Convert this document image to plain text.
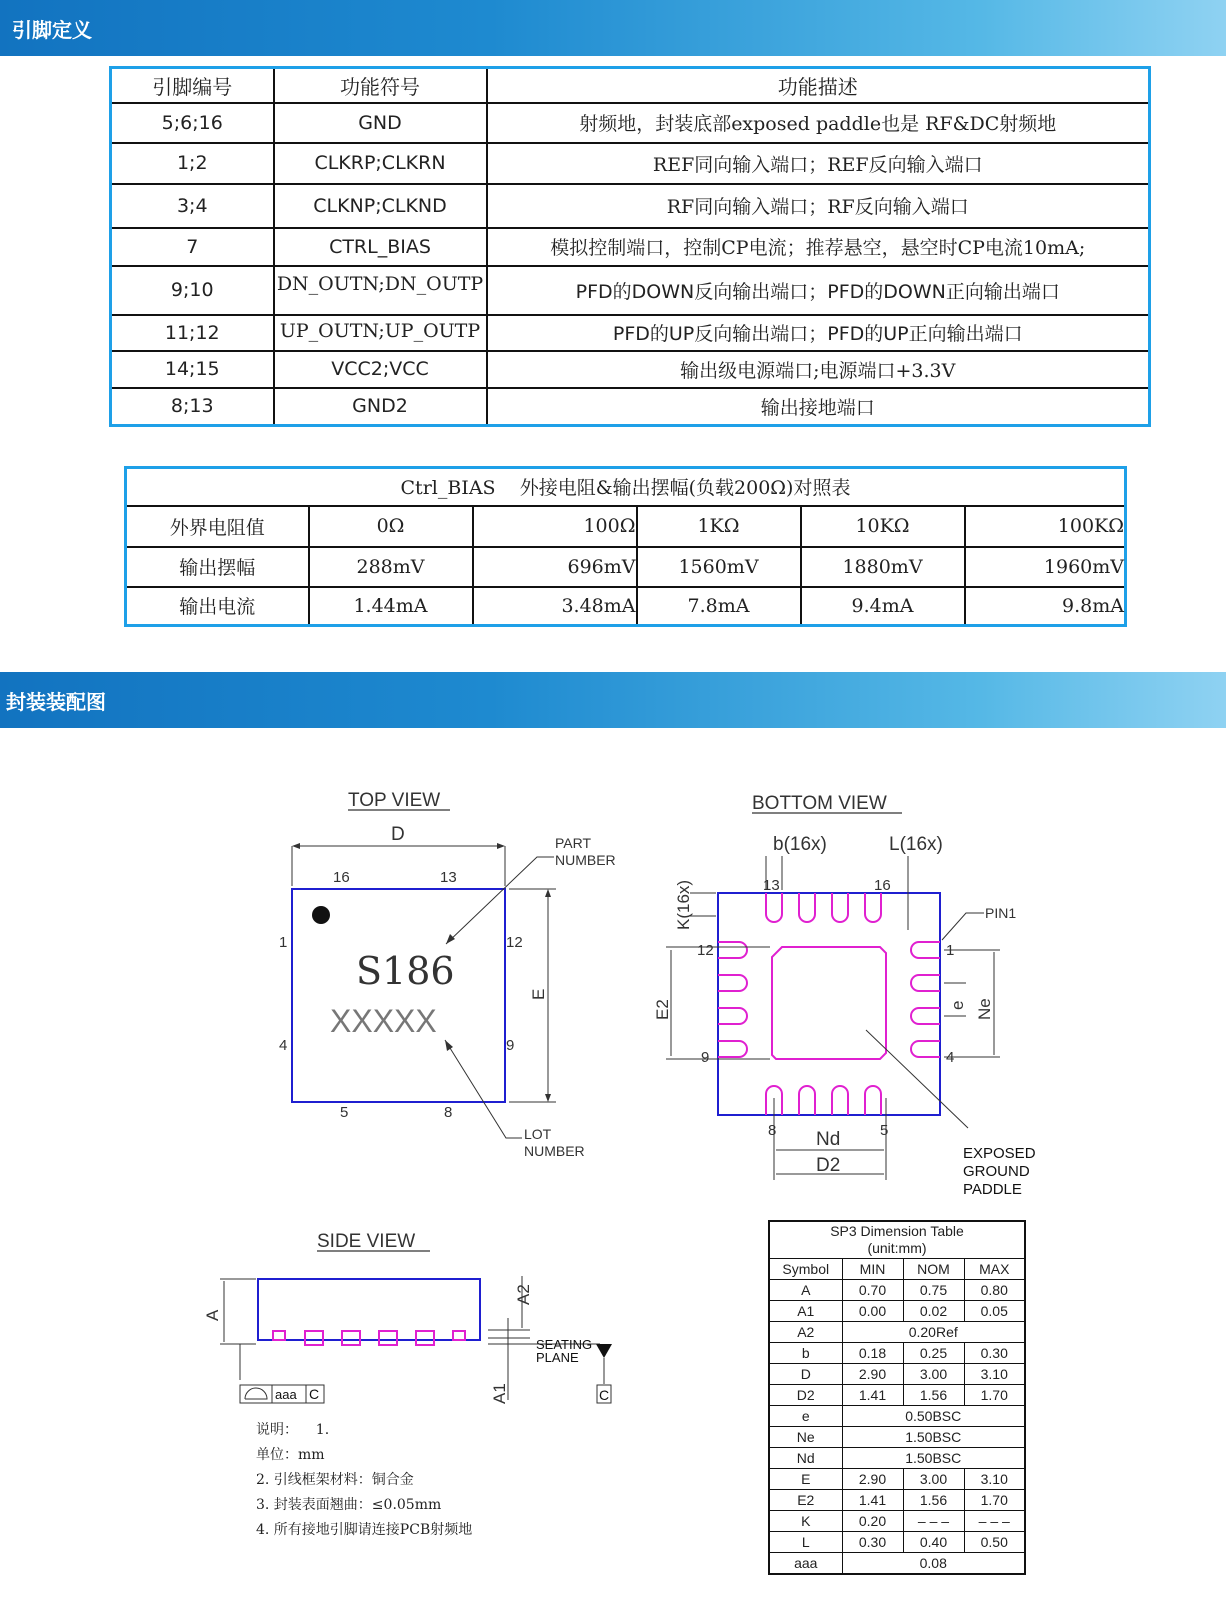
引脚定义
引脚编号	功能符号	功能描述
5;6;16	GND	射频地，封装底部exposed paddle也是 RF&DC射频地
1;2	CLKRP;CLKRN	REF同向输入端口；REF反向输入端口
3;4	CLKNP;CLKND	RF同向输入端口；RF反向输入端口
7	CTRL_BIAS	模拟控制端口，控制CP电流；推荐悬空，悬空时CP电流10mA;
9;10	DN_OUTN;DN_OUTP	PFD的DOWN反向输出端口；PFD的DOWN正向输出端口
11;12	UP_OUTN;UP_OUTP	PFD的UP反向输出端口；PFD的UP正向输出端口
14;15	VCC2;VCC	输出级电源端口;电源端口+3.3V
8;13	GND2	输出接地端口
Ctrl_BIAS    外接电阻&输出摆幅(负载200Ω)对照表					
外界电阻值	0Ω	100Ω	1KΩ	10KΩ	100KΩ
输出摆幅	288mV	696mV	1560mV	1880mV	1960mV
输出电流	1.44mA	3.48mA	7.8mA	9.4mA	9.8mA
封装装配图
TOP VIEW
D
E
16	13
1	12
4	9
5	8
S186
XXXXX
PART
NUMBER
LOT
NUMBER
BOTTOM VIEW
b(16x)	L(16x)
K(16x)	13	16
12	1
9	4
8	5
PIN1
E2	e Ne
Nd
D2
EXPOSED
GROUND
PADDLE
SIDE VIEW
A
A2
A1
SEATING
PLANE
C
aaa C
SP3 Dimension Table
(unit:mm)			
Symbol	MIN	NOM	MAX
A	0.70	0.75	0.80
A1	0.00	0.02	0.05
A2	0.20Ref		
b	0.18	0.25	0.30
D	2.90	3.00	3.10
D2	1.41	1.56	1.70
e	0.50BSC		
Ne	1.50BSC		
Nd	1.50BSC		
E	2.90	3.00	3.10
E2	1.41	1.56	1.70
K	0.20	– – –	– – –
L	0.30	0.40	0.50
aaa	0.08		
说明：    1.
单位：mm
2. 引线框架材料：铜合金
3. 封装表面翘曲：≤0.05mm
4. 所有接地引脚请连接PCB射频地
